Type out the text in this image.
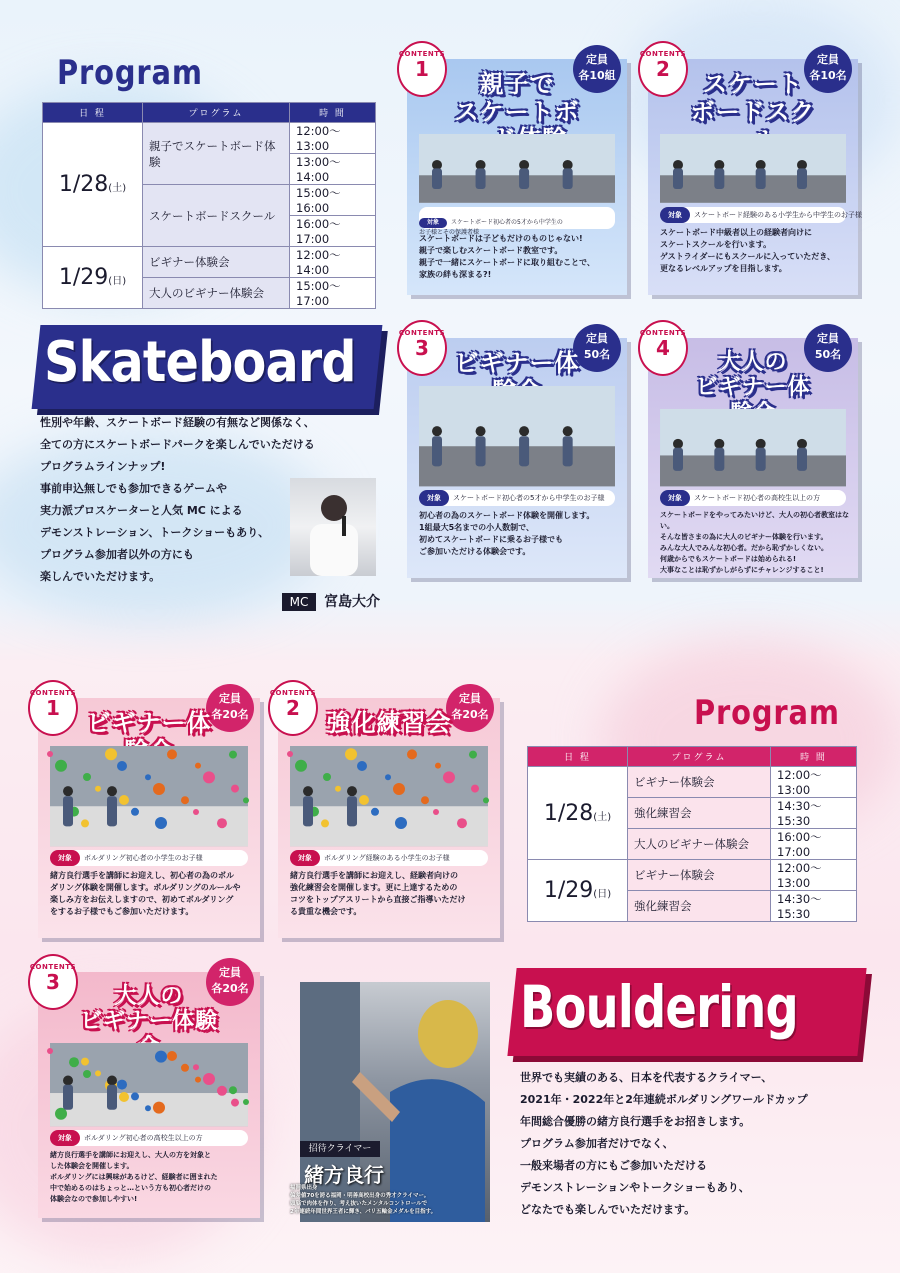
Program
日 程	プログラム	時 間
1/28(土)	親子でスケートボード体験	12:00～13:00
		13:00～14:00
	スケートボードスクール	15:00～16:00
		16:00～17:00
1/29(日)	ビギナー体験会	12:00～14:00
	大人のビギナー体験会	15:00～17:00
Skateboard
性別や年齢、スケートボード経験の有無など関係なく、
全ての方にスケートボードパークを楽しんでいただける
プログラムラインナップ!
事前申込無しでも参加できるゲームや
実力派プロスケーターと人気 MC による
デモンストレーション、トークショーもあり、
プログラム参加者以外の方にも
楽しんでいただけます。
MC	宮島大介
CONTENTS
1	定員
各10組
親子で
スケートボ

対象 スケートボード初心者の5才から中学生の
お子様とその保護者様

スケートボードは子どもだけのものじゃない!
親子で楽しむスケートボード教室です。
親子で一緒にスケートボードに取り組むことで、
家族の絆も深まる?!
CONTENTS
2	定員
各10名
スケート
ボードスク
対象 スケートボード経験のある小学生から中学生のお子様
スケートボード中級者以上の経験者向けに
スケートスクールを行います。
ゲストライダーにもスクールに入っていただき、
更なるレベルアップを目指します。
CONTENTS
3	定員
50名
ビギナー体
対象 スケートボード初心者の5才から中学生のお子様
初心者の為のスケートボード体験を開催します。
1組最大5名までの小人数制で、
初めてスケートボードに乗るお子様でも
ご参加いただける体験会です。
CONTENTS
4	定員
50名
大人の
ビギナー体
対象 スケートボード初心者の高校生以上の方
スケートボードをやってみたいけど、大人の初心者教室はない。
そんな皆さまの為に大人のビギナー体験を行います。
みんな大人でみんな初心者。だから恥ずかしくない。
何歳からでもスケートボードは始められる!
大事なことは恥ずかしがらずにチャレンジすること!
Program
日 程	プログラム	時 間
1/28(土)	ビギナー体験会	12:00～13:00
	強化練習会	14:30～15:30
	大人のビギナー体験会	16:00～17:00
1/29(日)	ビギナー体験会	12:00～13:00
	強化練習会	14:30～15:30
Bouldering
世界でも実績のある、日本を代表するクライマー、
2021年・2022年と2年連続ボルダリングワールドカップ
年間総合優勝の緒方良行選手をお招きします。
プログラム参加者だけでなく、
一般来場者の方にもご参加いただける
デモンストレーションやトークショーもあり、
どなたでも楽しんでいただけます。
招待クライマー
緒方良行
福岡県出身
偏差値70を誇る福岡・明善高校出身の秀才クライマー。
頭脳で肉体を作り、考え抜いたメンタルコントロールで
2年連続年間世界王者に輝き、パリ五輪金メダルを目指す。
CONTENTS
1	定員
各20名
ビギナー体
対象 ボルダリング初心者の小学生のお子様
緒方良行選手を講師にお迎えし、初心者の為のボル
ダリング体験を開催します。ボルダリングのルールや
楽しみ方をお伝えしますので、初めてボルダリング
をするお子様でもご参加いただけます。
CONTENTS
2	定員
各20名
強化練習会
対象 ボルダリング経験のある小学生のお子様
緒方良行選手を講師にお迎えし、経験者向けの
強化練習会を開催します。更に上達するための
コツをトップアスリートから直接ご指導いただけ
る貴重な機会です。
CONTENTS
3	定員
各20名
大人の
ビギナー体験
対象 ボルダリング初心者の高校生以上の方
緒方良行選手を講師にお迎えし、大人の方を対象と
した体験会を開催します。
ボルダリングには興味があるけど、経験者に囲まれた
中で始めるのはちょっと…という方も初心者だけの
体験会なので参加しやすい!
